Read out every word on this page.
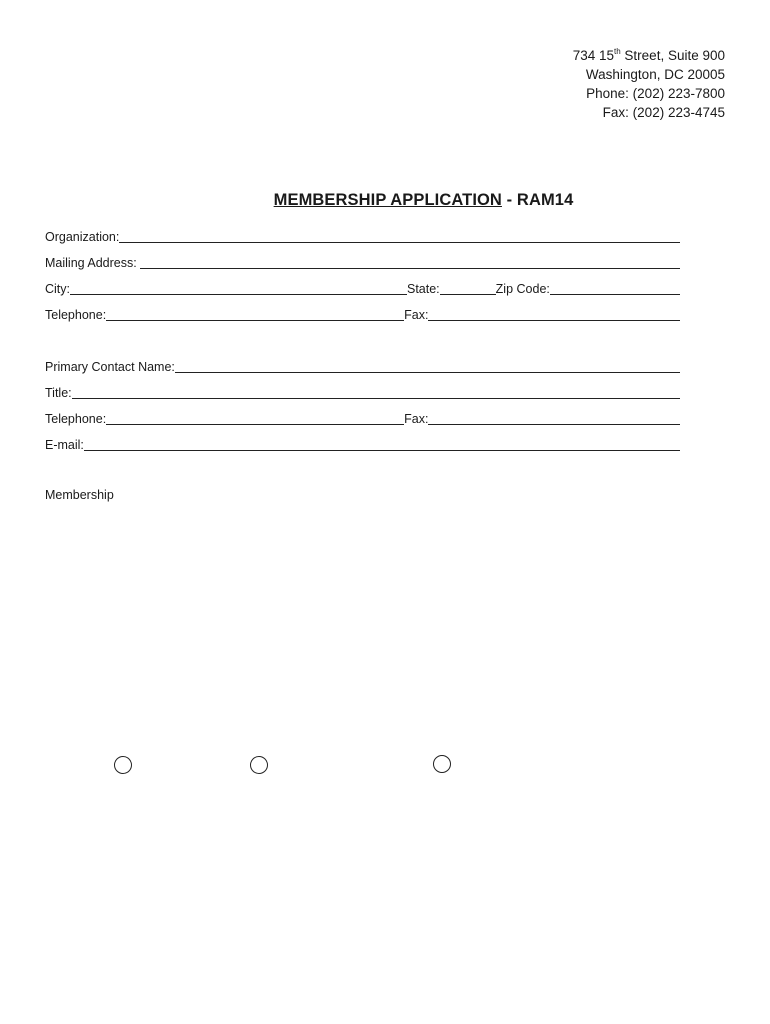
734 15th Street, Suite 900
Washington, DC 20005
Phone: (202) 223-7800
Fax: (202) 223-4745
MEMBERSHIP APPLICATION - RAM14
Organization:
Mailing Address:
City:	State:	Zip Code:
Telephone:	Fax:
Primary Contact Name:
Title:
Telephone:	Fax:
E-mail:
Membership
